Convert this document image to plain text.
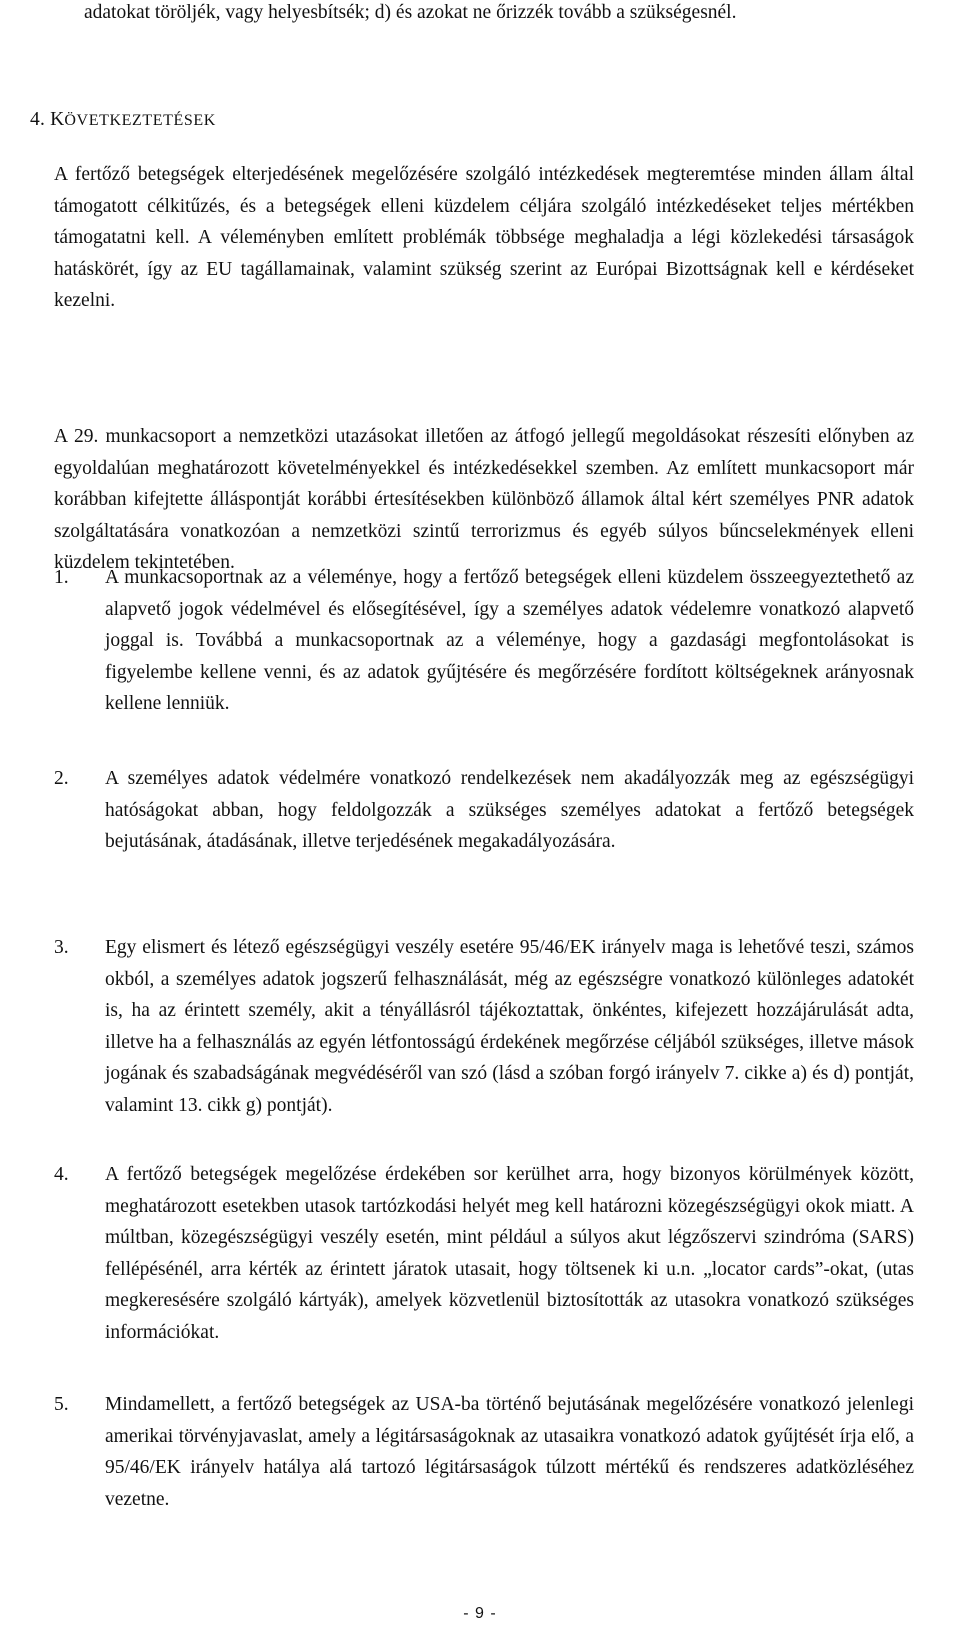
adatokat töröljék, vagy helyesbítsék; d) és azokat ne őrizzék tovább a szükségesnél.

4. KÖVETKEZTETÉSEK

A fertőző betegségek elterjedésének megelőzésére szolgáló intézkedések megteremtése minden állam által támogatott célkitűzés, és a betegségek elleni küzdelem céljára szolgáló intézkedéseket teljes mértékben támogatatni kell. A véleményben említett problémák többsége meghaladja a légi közlekedési társaságok hatáskörét, így az EU tagállamainak, valamint szükség szerint az Európai Bizottságnak kell e kérdéseket kezelni.

A 29. munkacsoport a nemzetközi utazásokat illetően az átfogó jellegű megoldásokat részesíti előnyben az egyoldalúan meghatározott követelményekkel és intézkedésekkel szemben. Az említett munkacsoport már korábban kifejtette álláspontját korábbi értesítésekben különböző államok által kért személyes PNR adatok szolgáltatására vonatkozóan a nemzetközi szintű terrorizmus és egyéb súlyos bűncselekmények elleni küzdelem tekintetében.

1. A munkacsoportnak az a véleménye, hogy a fertőző betegségek elleni küzdelem összeegyeztethető az alapvető jogok védelmével és elősegítésével, így a személyes adatok védelemre vonatkozó alapvető joggal is. Továbbá a munkacsoportnak az a véleménye, hogy a gazdasági megfontolásokat is figyelembe kellene venni, és az adatok gyűjtésére és megőrzésére fordított költségeknek arányosnak kellene lenniük.

2. A személyes adatok védelmére vonatkozó rendelkezések nem akadályozzák meg az egészségügyi hatóságokat abban, hogy feldolgozzák a szükséges személyes adatokat a fertőző betegségek bejutásának, átadásának, illetve terjedésének megakadályozására.

3. Egy elismert és létező egészségügyi veszély esetére 95/46/EK irányelv maga is lehetővé teszi, számos okból, a személyes adatok jogszerű felhasználását, még az egészségre vonatkozó különleges adatokét is, ha az érintett személy, akit a tényállásról tájékoztattak, önkéntes, kifejezett hozzájárulását adta, illetve ha a felhasználás az egyén létfontosságú érdekének megőrzése céljából szükséges, illetve mások jogának és szabadságának megvédéséről van szó (lásd a szóban forgó irányelv 7. cikke a) és d) pontját, valamint 13. cikk g) pontját).

4. A fertőző betegségek megelőzése érdekében sor kerülhet arra, hogy bizonyos körülmények között, meghatározott esetekben utasok tartózkodási helyét meg kell határozni közegészségügyi okok miatt. A múltban, közegészségügyi veszély esetén, mint például a súlyos akut légzőszervi szindróma (SARS) fellépésénél, arra kérték az érintett járatok utasait, hogy töltsenek ki u.n. „locator cards”-okat, (utas megkeresésére szolgáló kártyák), amelyek közvetlenül biztosították az utasokra vonatkozó szükséges információkat.

5. Mindamellett, a fertőző betegségek az USA-ba történő bejutásának megelőzésére vonatkozó jelenlegi amerikai törvényjavaslat, amely a légitársaságoknak az utasaikra vonatkozó adatok gyűjtését írja elő, a 95/46/EK irányelv hatálya alá tartozó légitársaságok túlzott mértékű és rendszeres adatközléséhez vezetne.

- 9 -
